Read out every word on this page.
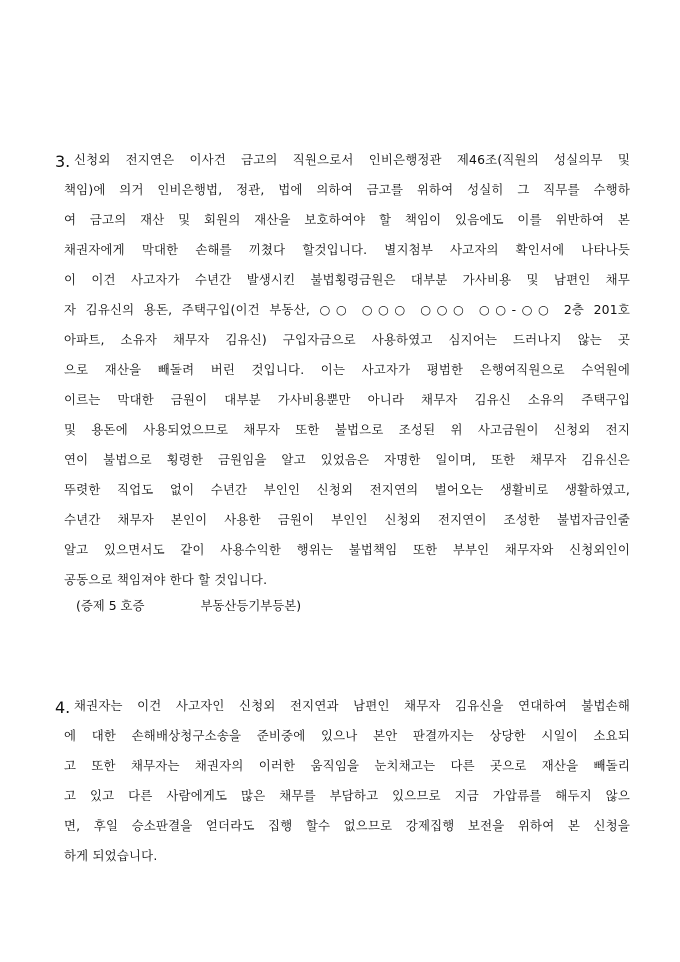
3. 신청외 전지연은 이사건 금고의 직원으로서 인비은행정관 제46조(직원의 성실의무 및
책임)에 의거 인비은행법, 정관, 법에 의하여 금고를 위하여 성실히 그 직무를 수행하
여 금고의 재산 및 회원의 재산을 보호하여야 할 책임이 있음에도 이를 위반하여 본
채권자에게 막대한 손해를 끼쳤다 할것입니다. 별지첨부 사고자의 확인서에 나타나듯
이 이건 사고자가 수년간 발생시킨 불법횡령금원은 대부분 가사비용 및 남편인 채무
자 김유신의 용돈, 주택구입(이건 부동산, ○○ ○○○ ○○○ ○○-○○ 2층 201호
아파트, 소유자 채무자 김유신) 구입자금으로 사용하였고 심지어는 드러나지 않는 곳
으로 재산을 빼돌려 버린 것입니다. 이는 사고자가 평범한 은행여직원으로 수억원에
이르는 막대한 금원이 대부분 가사비용뿐만 아니라 채무자 김유신 소유의 주택구입
및 용돈에 사용되었으므로 채무자 또한 불법으로 조성된 위 사고금원이 신청외 전지
연이 불법으로 횡령한 금원임을 알고 있었음은 자명한 일이며, 또한 채무자 김유신은
뚜렷한 직업도 없이 수년간 부인인 신청외 전지연의 벌어오는 생활비로 생활하였고,
수년간 채무자 본인이 사용한 금원이 부인인 신청외 전지연이 조성한 불법자금인줄
알고 있으면서도 같이 사용수익한 행위는 불법책임 또한 부부인 채무자와 신청외인이
공동으로 책임져야 한다 할 것입니다.
(증제 5 호증	부동산등기부등본)
4. 채권자는 이건 사고자인 신청외 전지연과 남편인 채무자 김유신을 연대하여 불법손해
에 대한 손해배상청구소송을 준비중에 있으나 본안 판결까지는 상당한 시일이 소요되
고 또한 채무자는 채권자의 이러한 움직임을 눈치채고는 다른 곳으로 재산을 빼돌리
고 있고 다른 사람에게도 많은 채무를 부담하고 있으므로 지금 가압류를 해두지 않으
면, 후일 승소판결을 얻더라도 집행 할수 없으므로 강제집행 보전을 위하여 본 신청을
하게 되었습니다.
